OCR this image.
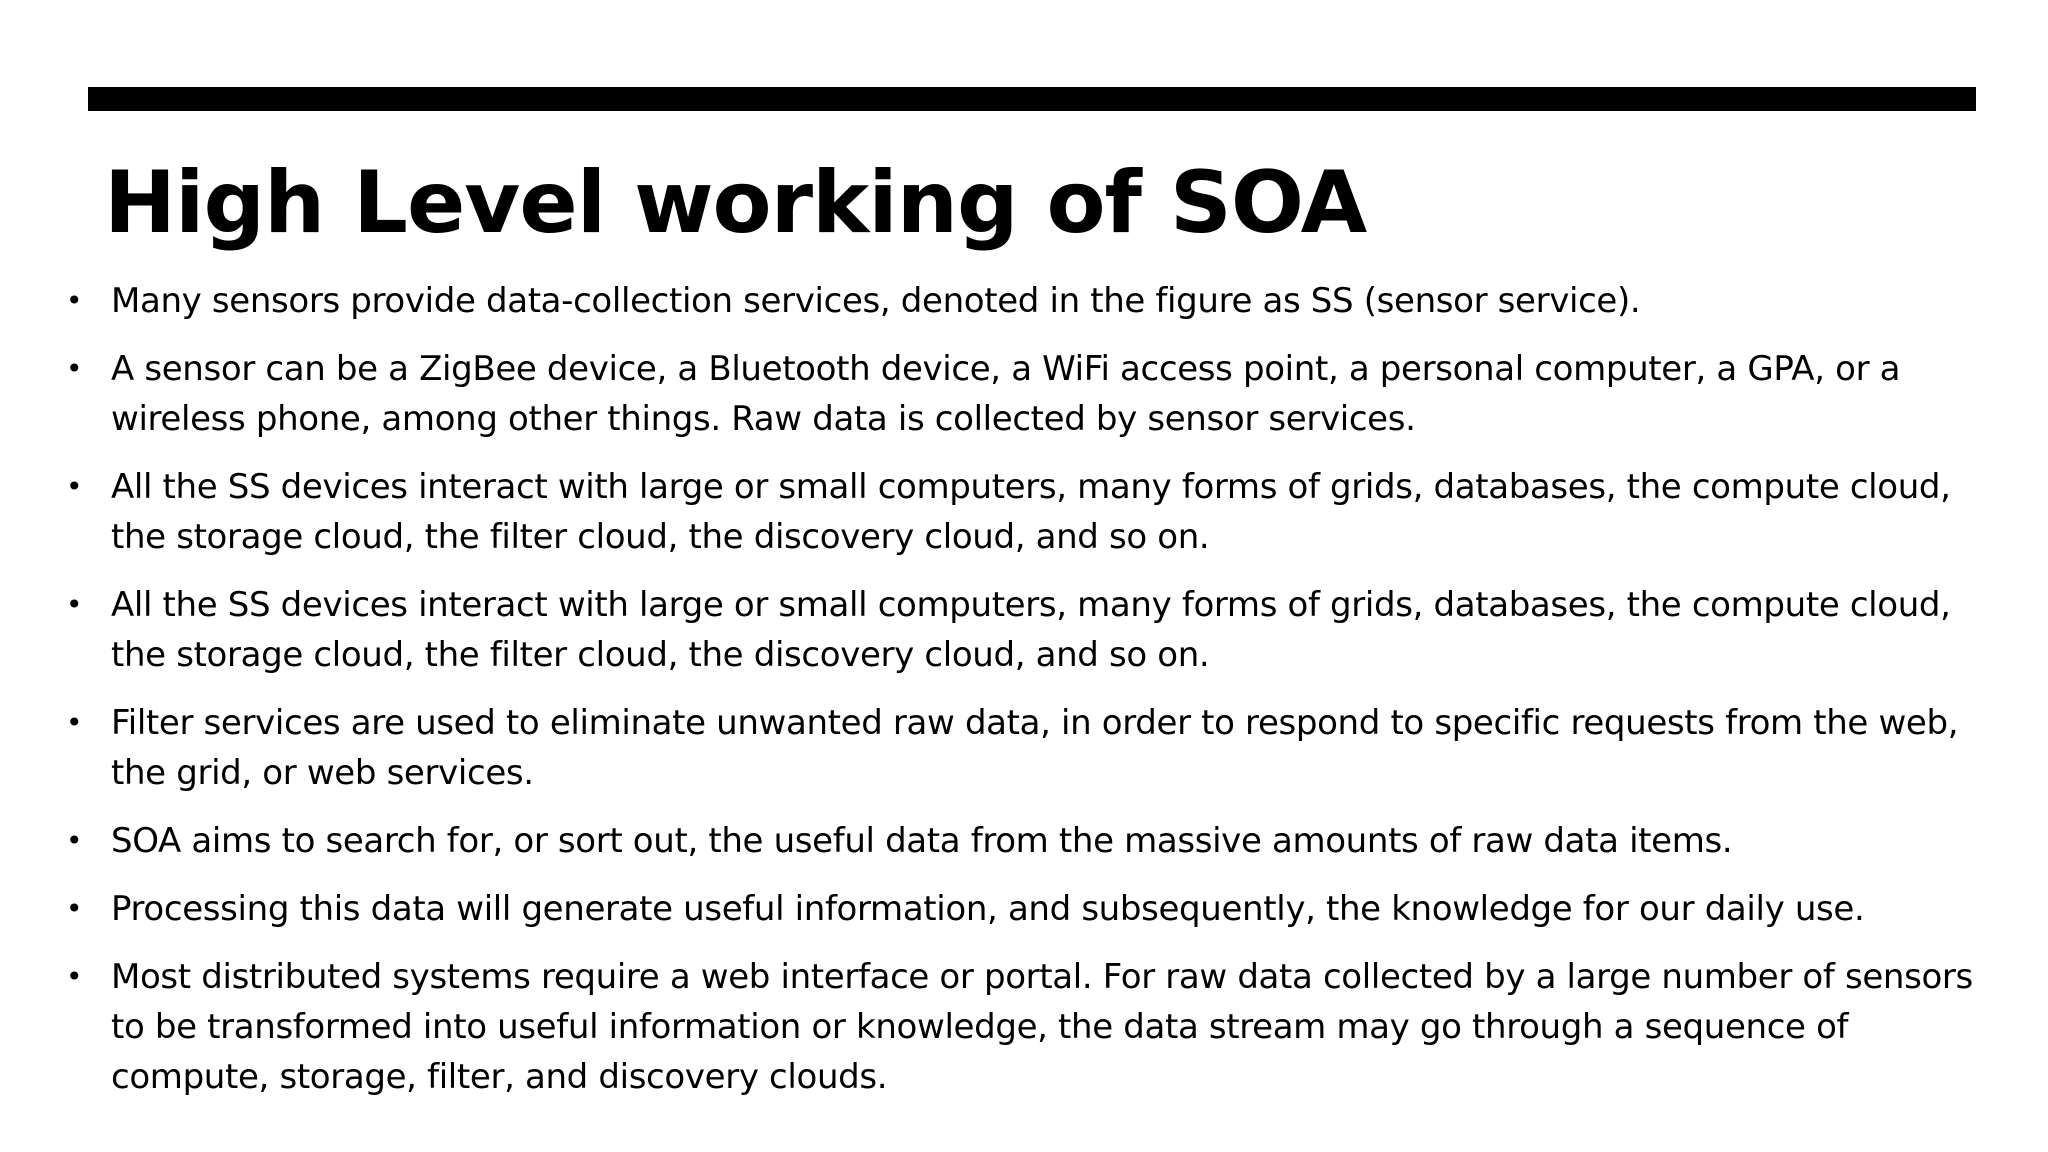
High Level working of SOA
• Many sensors provide data-collection services, denoted in the figure as SS (sensor service).
• A sensor can be a ZigBee device, a Bluetooth device, a WiFi access point, a personal computer, a GPA, or a wireless phone, among other things. Raw data is collected by sensor services.
• All the SS devices interact with large or small computers, many forms of grids, databases, the compute cloud, the storage cloud, the filter cloud, the discovery cloud, and so on.
• All the SS devices interact with large or small computers, many forms of grids, databases, the compute cloud, the storage cloud, the filter cloud, the discovery cloud, and so on.
• Filter services are used to eliminate unwanted raw data, in order to respond to specific requests from the web, the grid, or web services.
• SOA aims to search for, or sort out, the useful data from the massive amounts of raw data items.
• Processing this data will generate useful information, and subsequently, the knowledge for our daily use.
• Most distributed systems require a web interface or portal. For raw data collected by a large number of sensors to be transformed into useful information or knowledge, the data stream may go through a sequence of compute, storage, filter, and discovery clouds.
